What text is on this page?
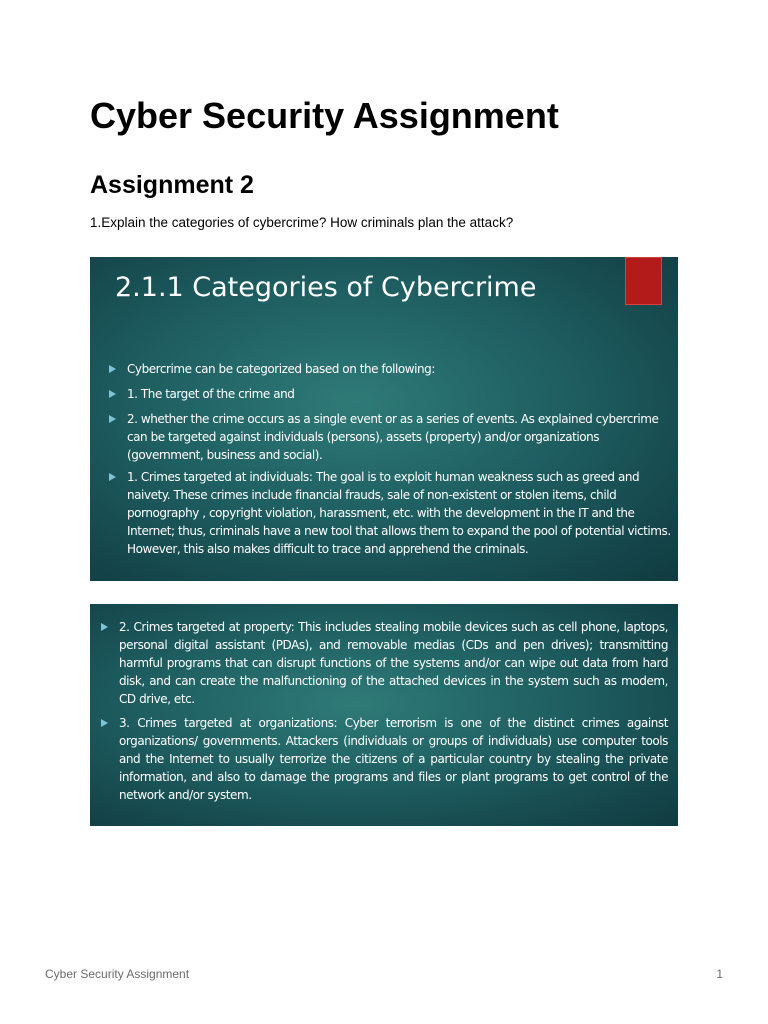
Cyber Security Assignment
Assignment 2

1.Explain the categories of cybercrime? How criminals plan the attack?

2.1.1 Categories of Cybercrime
Cybercrime can be categorized based on the following:
1. The target of the crime and
2. whether the crime occurs as a single event or as a series of events. As explained cybercrime can be targeted against individuals (persons), assets (property) and/or organizations (government, business and social).
1. Crimes targeted at individuals: The goal is to exploit human weakness such as greed and naivety. These crimes include financial frauds, sale of non-existent or stolen items, child pornography , copyright violation, harassment, etc. with the development in the IT and the Internet; thus, criminals have a new tool that allows them to expand the pool of potential victims. However, this also makes difficult to trace and apprehend the criminals.
2. Crimes targeted at property: This includes stealing mobile devices such as cell phone, laptops, personal digital assistant (PDAs), and removable medias (CDs and pen drives); transmitting harmful programs that can disrupt functions of the systems and/or can wipe out data from hard disk, and can create the malfunctioning of the attached devices in the system such as modem, CD drive, etc.
3. Crimes targeted at organizations: Cyber terrorism is one of the distinct crimes against organizations/ governments. Attackers (individuals or groups of individuals) use computer tools and the Internet to usually terrorize the citizens of a particular country by stealing the private information, and also to damage the programs and files or plant programs to get control of the network and/or system.
Cyber Security Assignment	1
